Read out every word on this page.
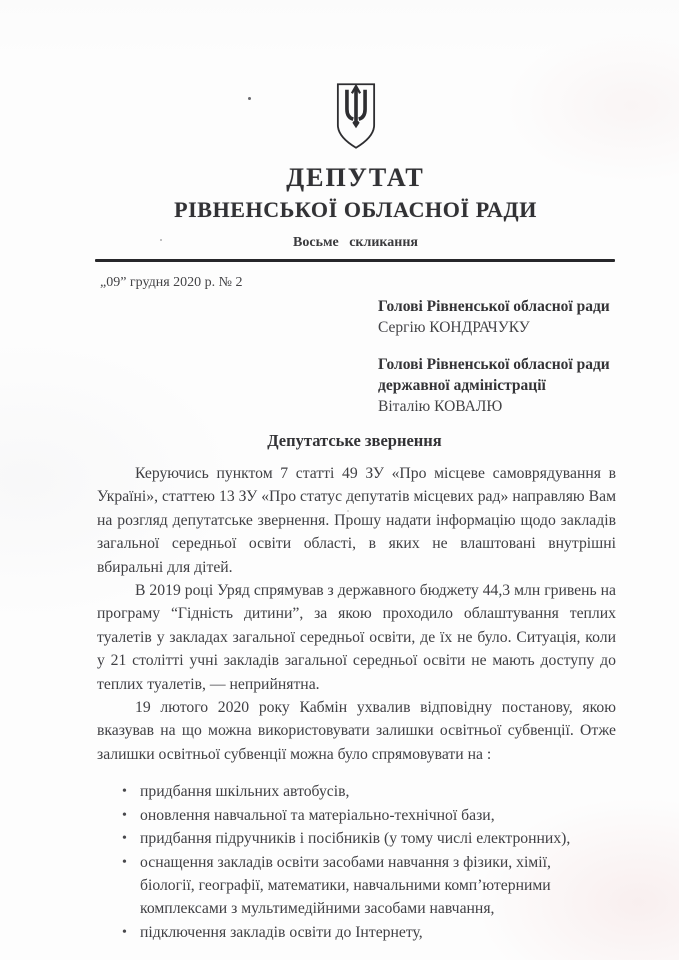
ДЕПУТАТ
РІВНЕНСЬКОЇ ОБЛАСНОЇ РАДИ
Восьме скликання
„09” грудня 2020 р. № 2
Голові Рівненської обласної ради
Сергію КОНДРАЧУКУ
Голові Рівненської обласної ради
державної адміністрації
Віталію КОВАЛЮ
Депутатське звернення

Керуючись пунктом 7 статті 49 ЗУ «Про місцеве самоврядування в Україні», статтею 13 ЗУ «Про статус депутатів місцевих рад» направляю Вам на розгляд депутатське звернення. Прошу надати інформацію щодо закладів загальної середньої освіти області, в яких не влаштовані внутрішні вбиральні для дітей.

В 2019 році Уряд спрямував з державного бюджету 44,3 млн гривень на програму “Гідність дитини”, за якою проходило облаштування теплих туалетів у закладах загальної середньої освіти, де їх не було. Ситуація, коли у 21 столітті учні закладів загальної середньої освіти не мають доступу до теплих туалетів, — неприйнятна.

19 лютого 2020 року Кабмін ухвалив відповідну постанову, якою вказував на що можна використовувати залишки освітньої субвенції. Отже залишки освітньої субвенції можна було спрямовувати на :

• придбання шкільних автобусів,
• оновлення навчальної та матеріально-технічної бази,
• придбання підручників і посібників (у тому числі електронних),
• оснащення закладів освіти засобами навчання з фізики, хімії, біології, географії, математики, навчальними комп’ютерними комплексами з мультимедійними засобами навчання,
• підключення закладів освіти до Інтернету,
